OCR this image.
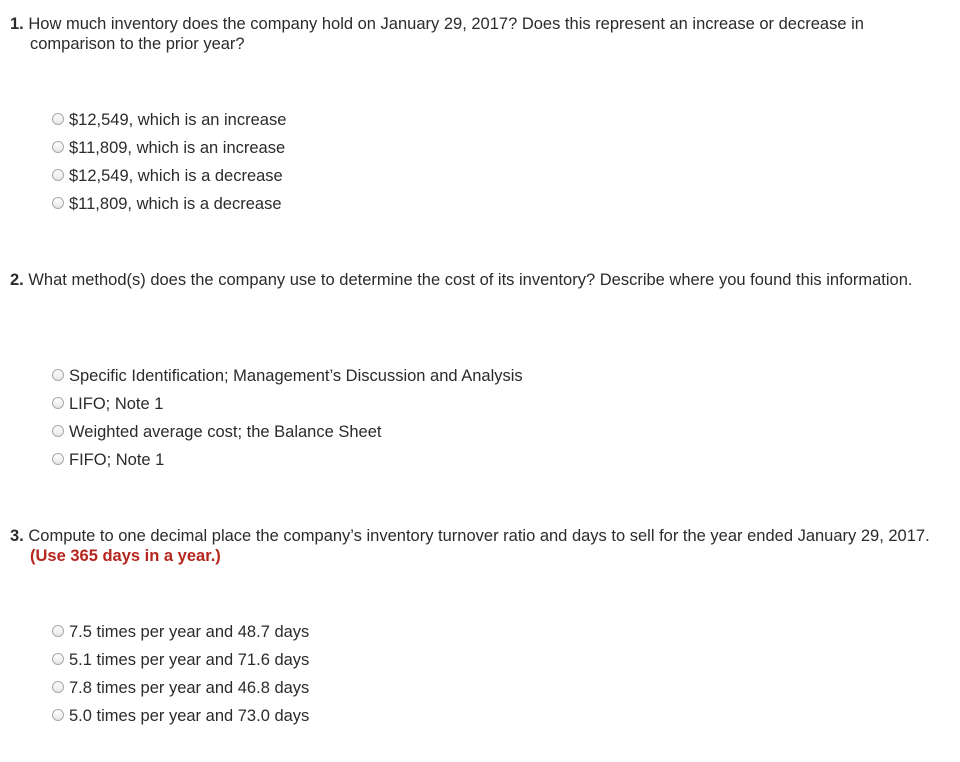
1. How much inventory does the company hold on January 29, 2017? Does this represent an increase or decrease in comparison to the prior year?
$12,549, which is an increase
$11,809, which is an increase
$12,549, which is a decrease
$11,809, which is a decrease
2. What method(s) does the company use to determine the cost of its inventory? Describe where you found this information.
Specific Identification; Management’s Discussion and Analysis
LIFO; Note 1
Weighted average cost; the Balance Sheet
FIFO; Note 1
3. Compute to one decimal place the company’s inventory turnover ratio and days to sell for the year ended January 29, 2017. (Use 365 days in a year.)
7.5 times per year and 48.7 days
5.1 times per year and 71.6 days
7.8 times per year and 46.8 days
5.0 times per year and 73.0 days
